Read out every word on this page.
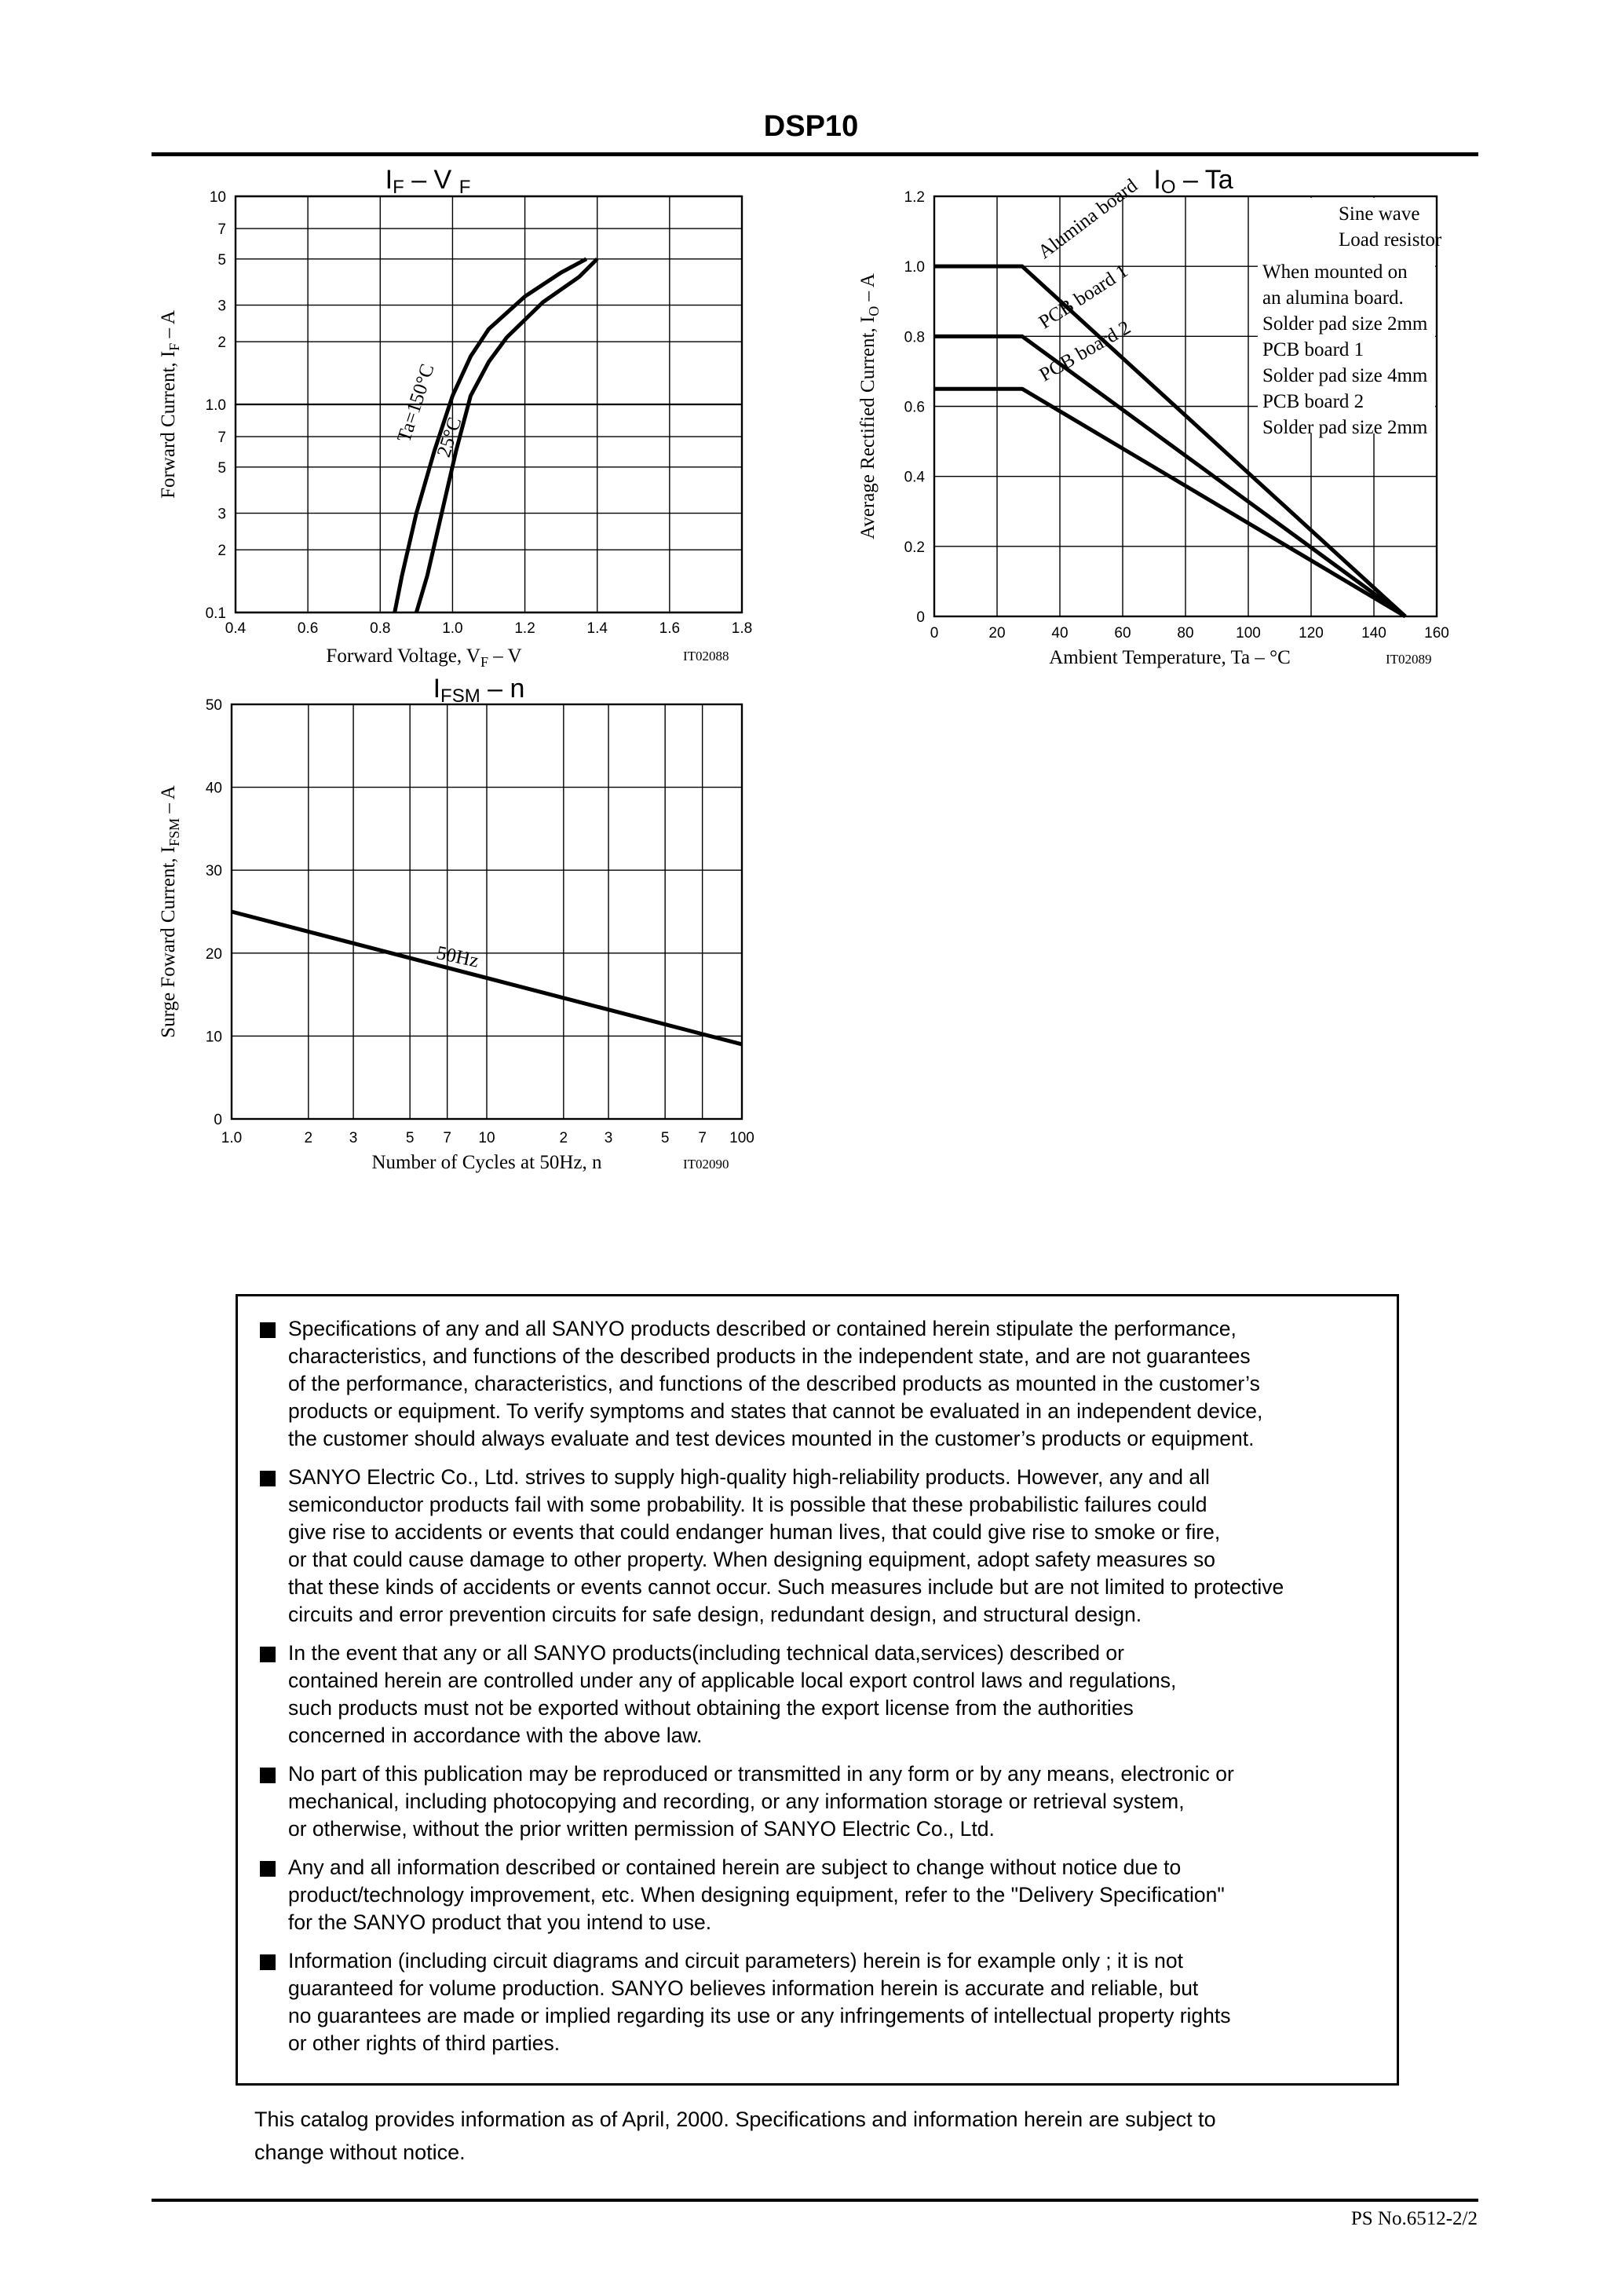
DSP10
10
7
5
3
2
1.0
7
5
3
2
0.1
0.4	0.6	0.8	1.0	1.2	1.4	1.6	1.8
IF – V F
Forward Current, $I_F$ – A
Forward Voltage, $V_F$ – V	IT02088
Ta=150°C
25°C
1.2
1.0
0.8
0.6
0.4
0.2
0
0	20	40	60	80	100	120	140	160
Alumina board
PCB board 1
PCB board 2
Sine wave
Load resistor
When mounted on
an alumina board.
Solder pad size 2mm
PCB board 1
Solder pad size 4mm
PCB board 2
Solder pad size 2mm
IO – Ta
Average Rectified Current, $I_O$ – A
Ambient Temperature, Ta – °C	IT02089
50
40
30
20
10
0
1.0	2 3	5 7 10	2 3	5 7 100
50Hz
IFSM – n
Surge Foward Current, $I_{FSM}$ – A
Number of Cycles at 50Hz, n	IT02090
Specifications of any and all SANYO products described or contained herein stipulate the performance,
characteristics, and functions of the described products in the independent state, and are not guarantees
of the performance, characteristics, and functions of the described products as mounted in the customer’s
products or equipment. To verify symptoms and states that cannot be evaluated in an independent device,
the customer should always evaluate and test devices mounted in the customer’s products or equipment.
SANYO Electric Co., Ltd. strives to supply high-quality high-reliability products. However, any and all
semiconductor products fail with some probability. It is possible that these probabilistic failures could
give rise to accidents or events that could endanger human lives, that could give rise to smoke or fire,
or that could cause damage to other property. When designing equipment, adopt safety measures so
that these kinds of accidents or events cannot occur. Such measures include but are not limited to protective
circuits and error prevention circuits for safe design, redundant design, and structural design.
In the event that any or all SANYO products(including technical data,services) described or
contained herein are controlled under any of applicable local export control laws and regulations,
such products must not be exported without obtaining the export license from the authorities
concerned in accordance with the above law.
No part of this publication may be reproduced or transmitted in any form or by any means, electronic or
mechanical, including photocopying and recording, or any information storage or retrieval system,
or otherwise, without the prior written permission of SANYO Electric Co., Ltd.
Any and all information described or contained herein are subject to change without notice due to
product/technology improvement, etc. When designing equipment, refer to the "Delivery Specification"
for the SANYO product that you intend to use.
Information (including circuit diagrams and circuit parameters) herein is for example only ; it is not
guaranteed for volume production. SANYO believes information herein is accurate and reliable, but
no guarantees are made or implied regarding its use or any infringements of intellectual property rights
or other rights of third parties.
This catalog provides information as of April, 2000. Specifications and information herein are subject to
change without notice.
PS No.6512-2/2
